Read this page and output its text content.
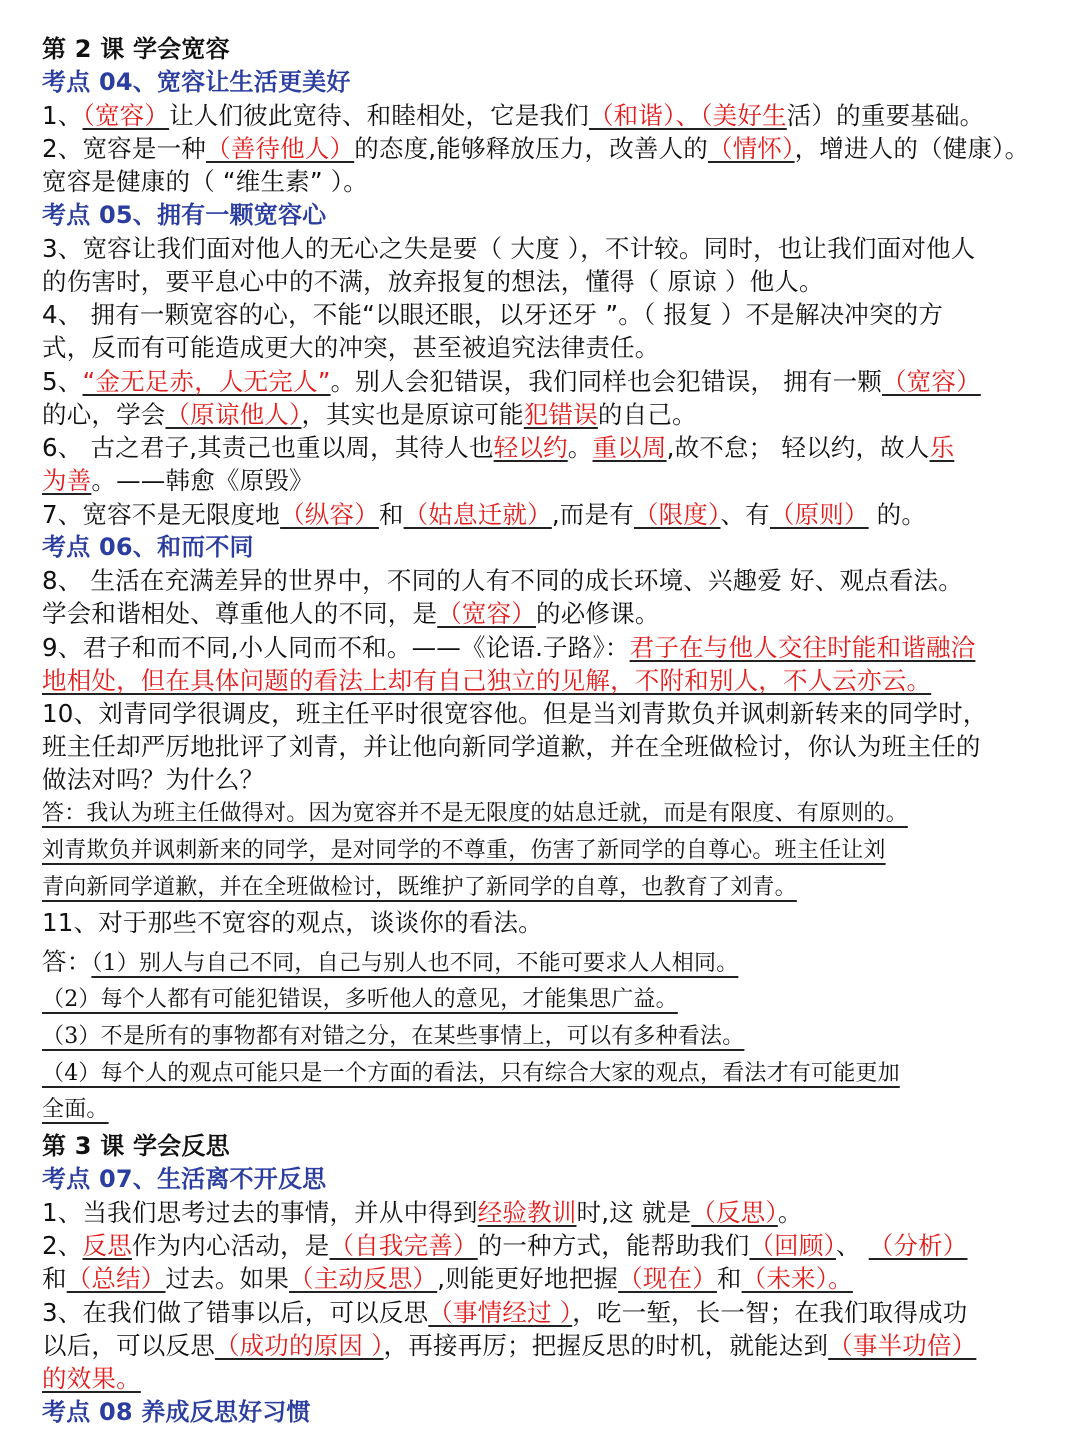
第 2 课 学会宽容
考点 04、宽容让生活更美好
1、（宽容）让人们彼此宽待、和睦相处，它是我们（和谐）、（美好生活）的重要基础。
2、宽容是一种（善待他人）的态度,能够释放压力，改善人的（情怀），增进人的（健康）。
宽容是健康的（ “维生素” ）。
考点 05、拥有一颗宽容心
3、宽容让我们面对他人的无心之失是要（ 大度 ），不计较。同时，也让我们面对他人
的伤害时，要平息心中的不满，放弃报复的想法，懂得（ 原谅 ）他人。
4、 拥有一颗宽容的心，不能“以眼还眼，以牙还牙 ”。（ 报复 ）不是解决冲突的方
式，反而有可能造成更大的冲突，甚至被追究法律责任。
5、“金无足赤，人无完人”。别人会犯错误，我们同样也会犯错误， 拥有一颗（宽容）
的心，学会（原谅他人），其实也是原谅可能犯错误的自己。
6、 古之君子,其责己也重以周，其待人也轻以约。重以周,故不怠； 轻以约，故人乐
为善。——韩愈《原毁》
7、宽容不是无限度地（纵容）和（姑息迁就）,而是有（限度）、有（原则） 的。
考点 06、和而不同
8、 生活在充满差异的世界中，不同的人有不同的成长环境、兴趣爱 好、观点看法。
学会和谐相处、尊重他人的不同，是（宽容）的必修课。
9、君子和而不同,小人同而不和。——《论语.子路》：君子在与他人交往时能和谐融洽
地相处，但在具体问题的看法上却有自己独立的见解，不附和别人，不人云亦云。
10、刘青同学很调皮，班主任平时很宽容他。但是当刘青欺负并讽刺新转来的同学时，
班主任却严厉地批评了刘青，并让他向新同学道歉，并在全班做检讨，你认为班主任的
做法对吗？为什么？
答：我认为班主任做得对。因为宽容并不是无限度的姑息迁就，而是有限度、有原则的。
刘青欺负并讽刺新来的同学，是对同学的不尊重，伤害了新同学的自尊心。班主任让刘
青向新同学道歉，并在全班做检讨，既维护了新同学的自尊，也教育了刘青。
11、对于那些不宽容的观点，谈谈你的看法。
答：（1）别人与自己不同，自己与别人也不同，不能可要求人人相同。
（2）每个人都有可能犯错误，多听他人的意见，才能集思广益。
（3）不是所有的事物都有对错之分，在某些事情上，可以有多种看法。
（4）每个人的观点可能只是一个方面的看法，只有综合大家的观点，看法才有可能更加
全面。
第 3 课 学会反思
考点 07、生活离不开反思
1、当我们思考过去的事情，并从中得到经验教训时,这 就是（反思）。
2、反思作为内心活动，是（自我完善）的一种方式，能帮助我们（回顾）、 （分析）
和（总结）过去。如果（主动反思）,则能更好地把握（现在）和（未来）。
3、在我们做了错事以后，可以反思（事情经过 ），吃一堑，长一智；在我们取得成功
以后，可以反思（成功的原因 ），再接再厉；把握反思的时机，就能达到（事半功倍）
的效果。
考点 08 养成反思好习惯
